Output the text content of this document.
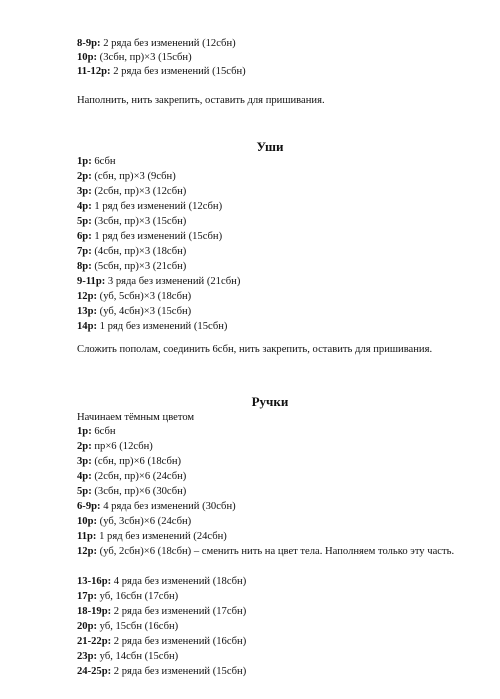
8-9р: 2 ряда без изменений (12сбн)
10р: (3сбн, пр)×3 (15сбн)
11-12р: 2 ряда без изменений (15сбн)
Наполнить, нить закрепить, оставить для пришивания.
Уши
1р: 6сбн
2р: (сбн, пр)×3 (9сбн)
3р: (2сбн, пр)×3 (12сбн)
4р: 1 ряд без изменений (12сбн)
5р: (3сбн, пр)×3 (15сбн)
6р: 1 ряд без изменений (15сбн)
7р: (4сбн, пр)×3 (18сбн)
8р: (5сбн, пр)×3 (21сбн)
9-11р: 3 ряда без изменений (21сбн)
12р: (уб, 5сбн)×3 (18сбн)
13р: (уб, 4сбн)×3 (15сбн)
14р: 1 ряд без изменений (15сбн)
Сложить пополам, соединить 6сбн, нить закрепить, оставить для пришивания.
Ручки
Начинаем тёмным цветом
1р: 6сбн
2р: пр×6 (12сбн)
3р: (сбн, пр)×6 (18сбн)
4р: (2сбн, пр)×6 (24сбн)
5р: (3сбн, пр)×6 (30сбн)
6-9р: 4 ряда без изменений (30сбн)
10р: (уб, 3сбн)×6 (24сбн)
11р: 1 ряд без изменений (24сбн)
12р: (уб, 2сбн)×6 (18сбн) – сменить нить на цвет тела. Наполняем только эту часть.
13-16р: 4 ряда без изменений (18сбн)
17р: уб, 16сбн (17сбн)
18-19р: 2 ряда без изменений (17сбн)
20р: уб, 15сбн (16сбн)
21-22р: 2 ряда без изменений (16сбн)
23р: уб, 14сбн (15сбн)
24-25р: 2 ряда без изменений (15сбн)
